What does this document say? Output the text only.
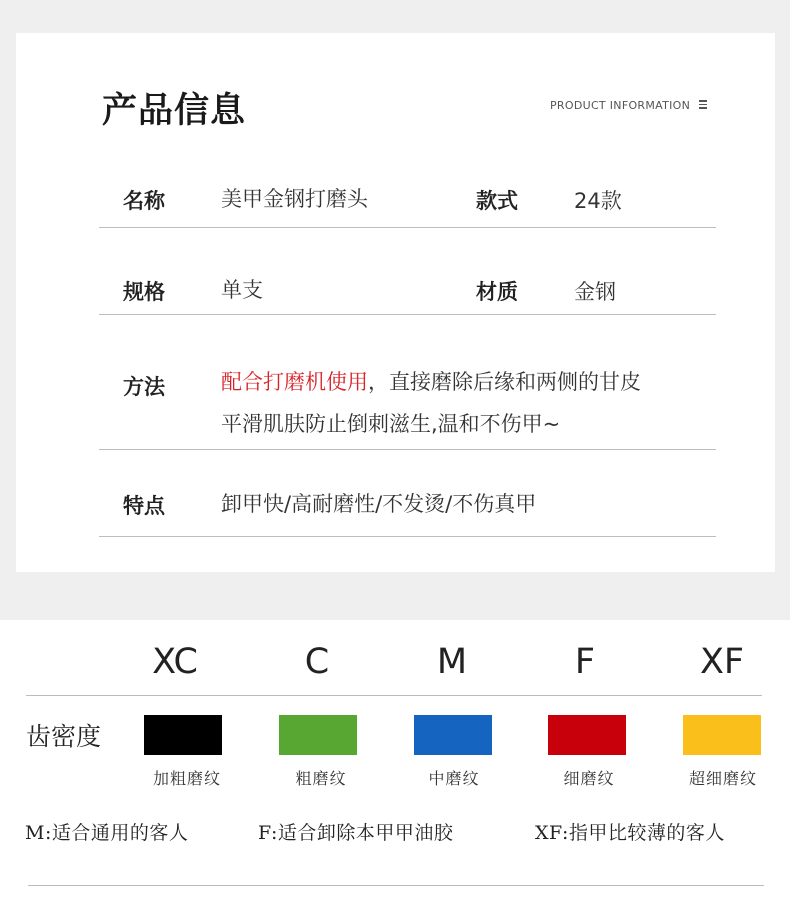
产品信息	PRODUCT INFORMATION
名称	美甲金钢打磨头	款式	24款
规格	单支	材质	金钢
方法	配合打磨机使用，直接磨除后缘和两侧的甘皮
平滑肌肤防止倒刺滋生,温和不伤甲~
特点	卸甲快/高耐磨性/不发烫/不伤真甲
XC	C	M	F	XF
齿密度
加粗磨纹	粗磨纹	中磨纹	细磨纹	超细磨纹
M:适合通用的客人	F:适合卸除本甲甲油胶	XF:指甲比较薄的客人
